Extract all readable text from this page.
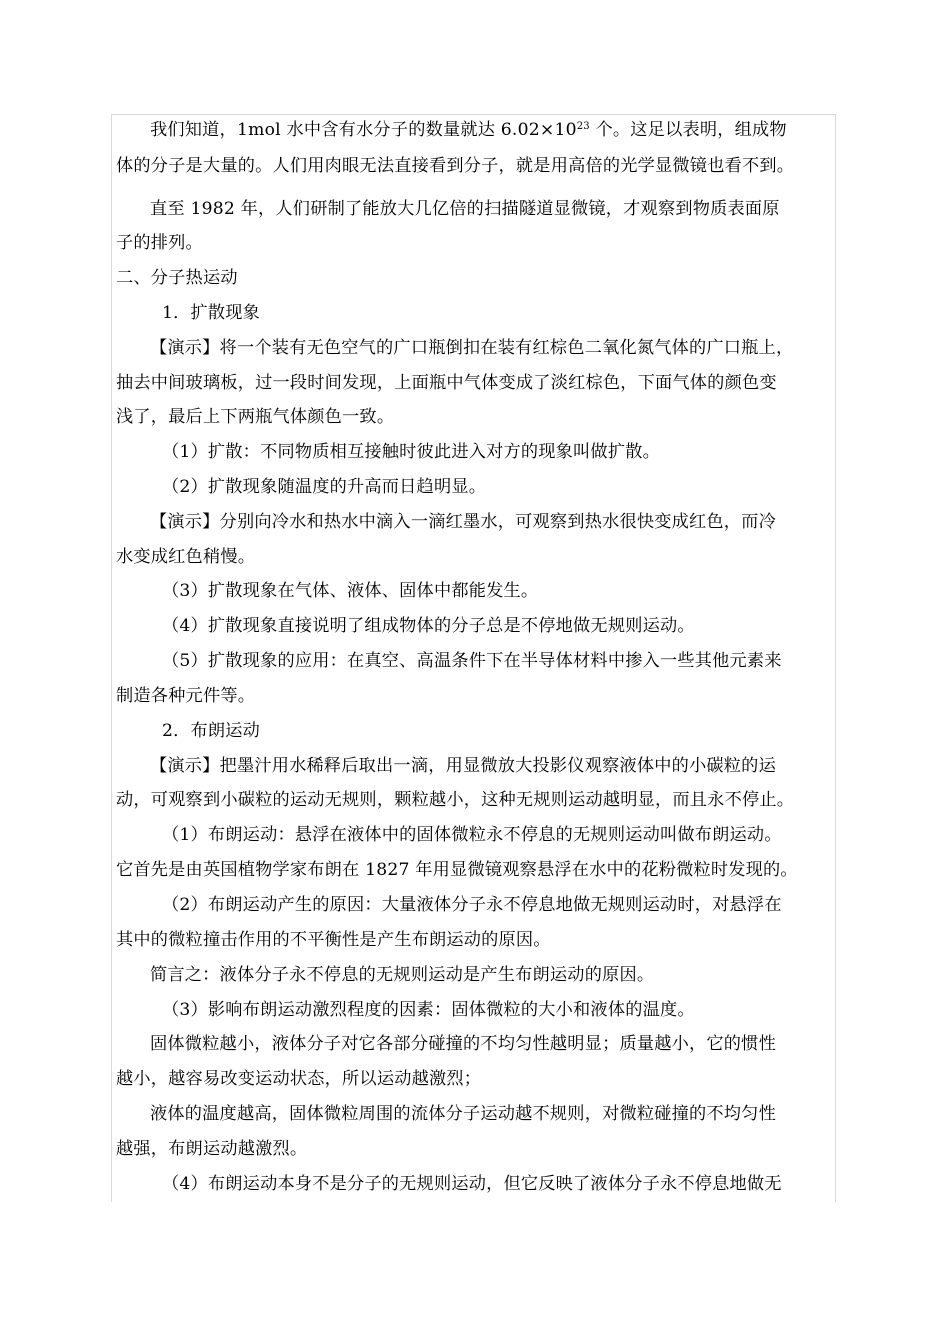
我们知道，1mol 水中含有水分子的数量就达 $6.02\times 10^{23}$ 个。这足以表明，组成物
体的分子是大量的。人们用肉眼无法直接看到分子，就是用高倍的光学显微镜也看不到。
直至 1982 年，人们研制了能放大几亿倍的扫描隧道显微镜，才观察到物质表面原
子的排列。
二、分子热运动
1．扩散现象
【演示】将一个装有无色空气的广口瓶倒扣在装有红棕色二氧化氮气体的广口瓶上，
抽去中间玻璃板，过一段时间发现，上面瓶中气体变成了淡红棕色，下面气体的颜色变
浅了，最后上下两瓶气体颜色一致。
（1）扩散：不同物质相互接触时彼此进入对方的现象叫做扩散。
（2）扩散现象随温度的升高而日趋明显。
【演示】分别向冷水和热水中滴入一滴红墨水，可观察到热水很快变成红色，而冷
水变成红色稍慢。
（3）扩散现象在气体、液体、固体中都能发生。
（4）扩散现象直接说明了组成物体的分子总是不停地做无规则运动。
（5）扩散现象的应用：在真空、高温条件下在半导体材料中掺入一些其他元素来
制造各种元件等。
2．布朗运动
【演示】把墨汁用水稀释后取出一滴，用显微放大投影仪观察液体中的小碳粒的运
动，可观察到小碳粒的运动无规则，颗粒越小，这种无规则运动越明显，而且永不停止。
（1）布朗运动：悬浮在液体中的固体微粒永不停息的无规则运动叫做布朗运动。
它首先是由英国植物学家布朗在 1827 年用显微镜观察悬浮在水中的花粉微粒时发现的。
（2）布朗运动产生的原因：大量液体分子永不停息地做无规则运动时，对悬浮在
其中的微粒撞击作用的不平衡性是产生布朗运动的原因。
简言之：液体分子永不停息的无规则运动是产生布朗运动的原因。
（3）影响布朗运动激烈程度的因素：固体微粒的大小和液体的温度。
固体微粒越小，液体分子对它各部分碰撞的不均匀性越明显；质量越小，它的惯性
越小，越容易改变运动状态，所以运动越激烈；
液体的温度越高，固体微粒周围的流体分子运动越不规则，对微粒碰撞的不均匀性
越强，布朗运动越激烈。
（4）布朗运动本身不是分子的无规则运动，但它反映了液体分子永不停息地做无
